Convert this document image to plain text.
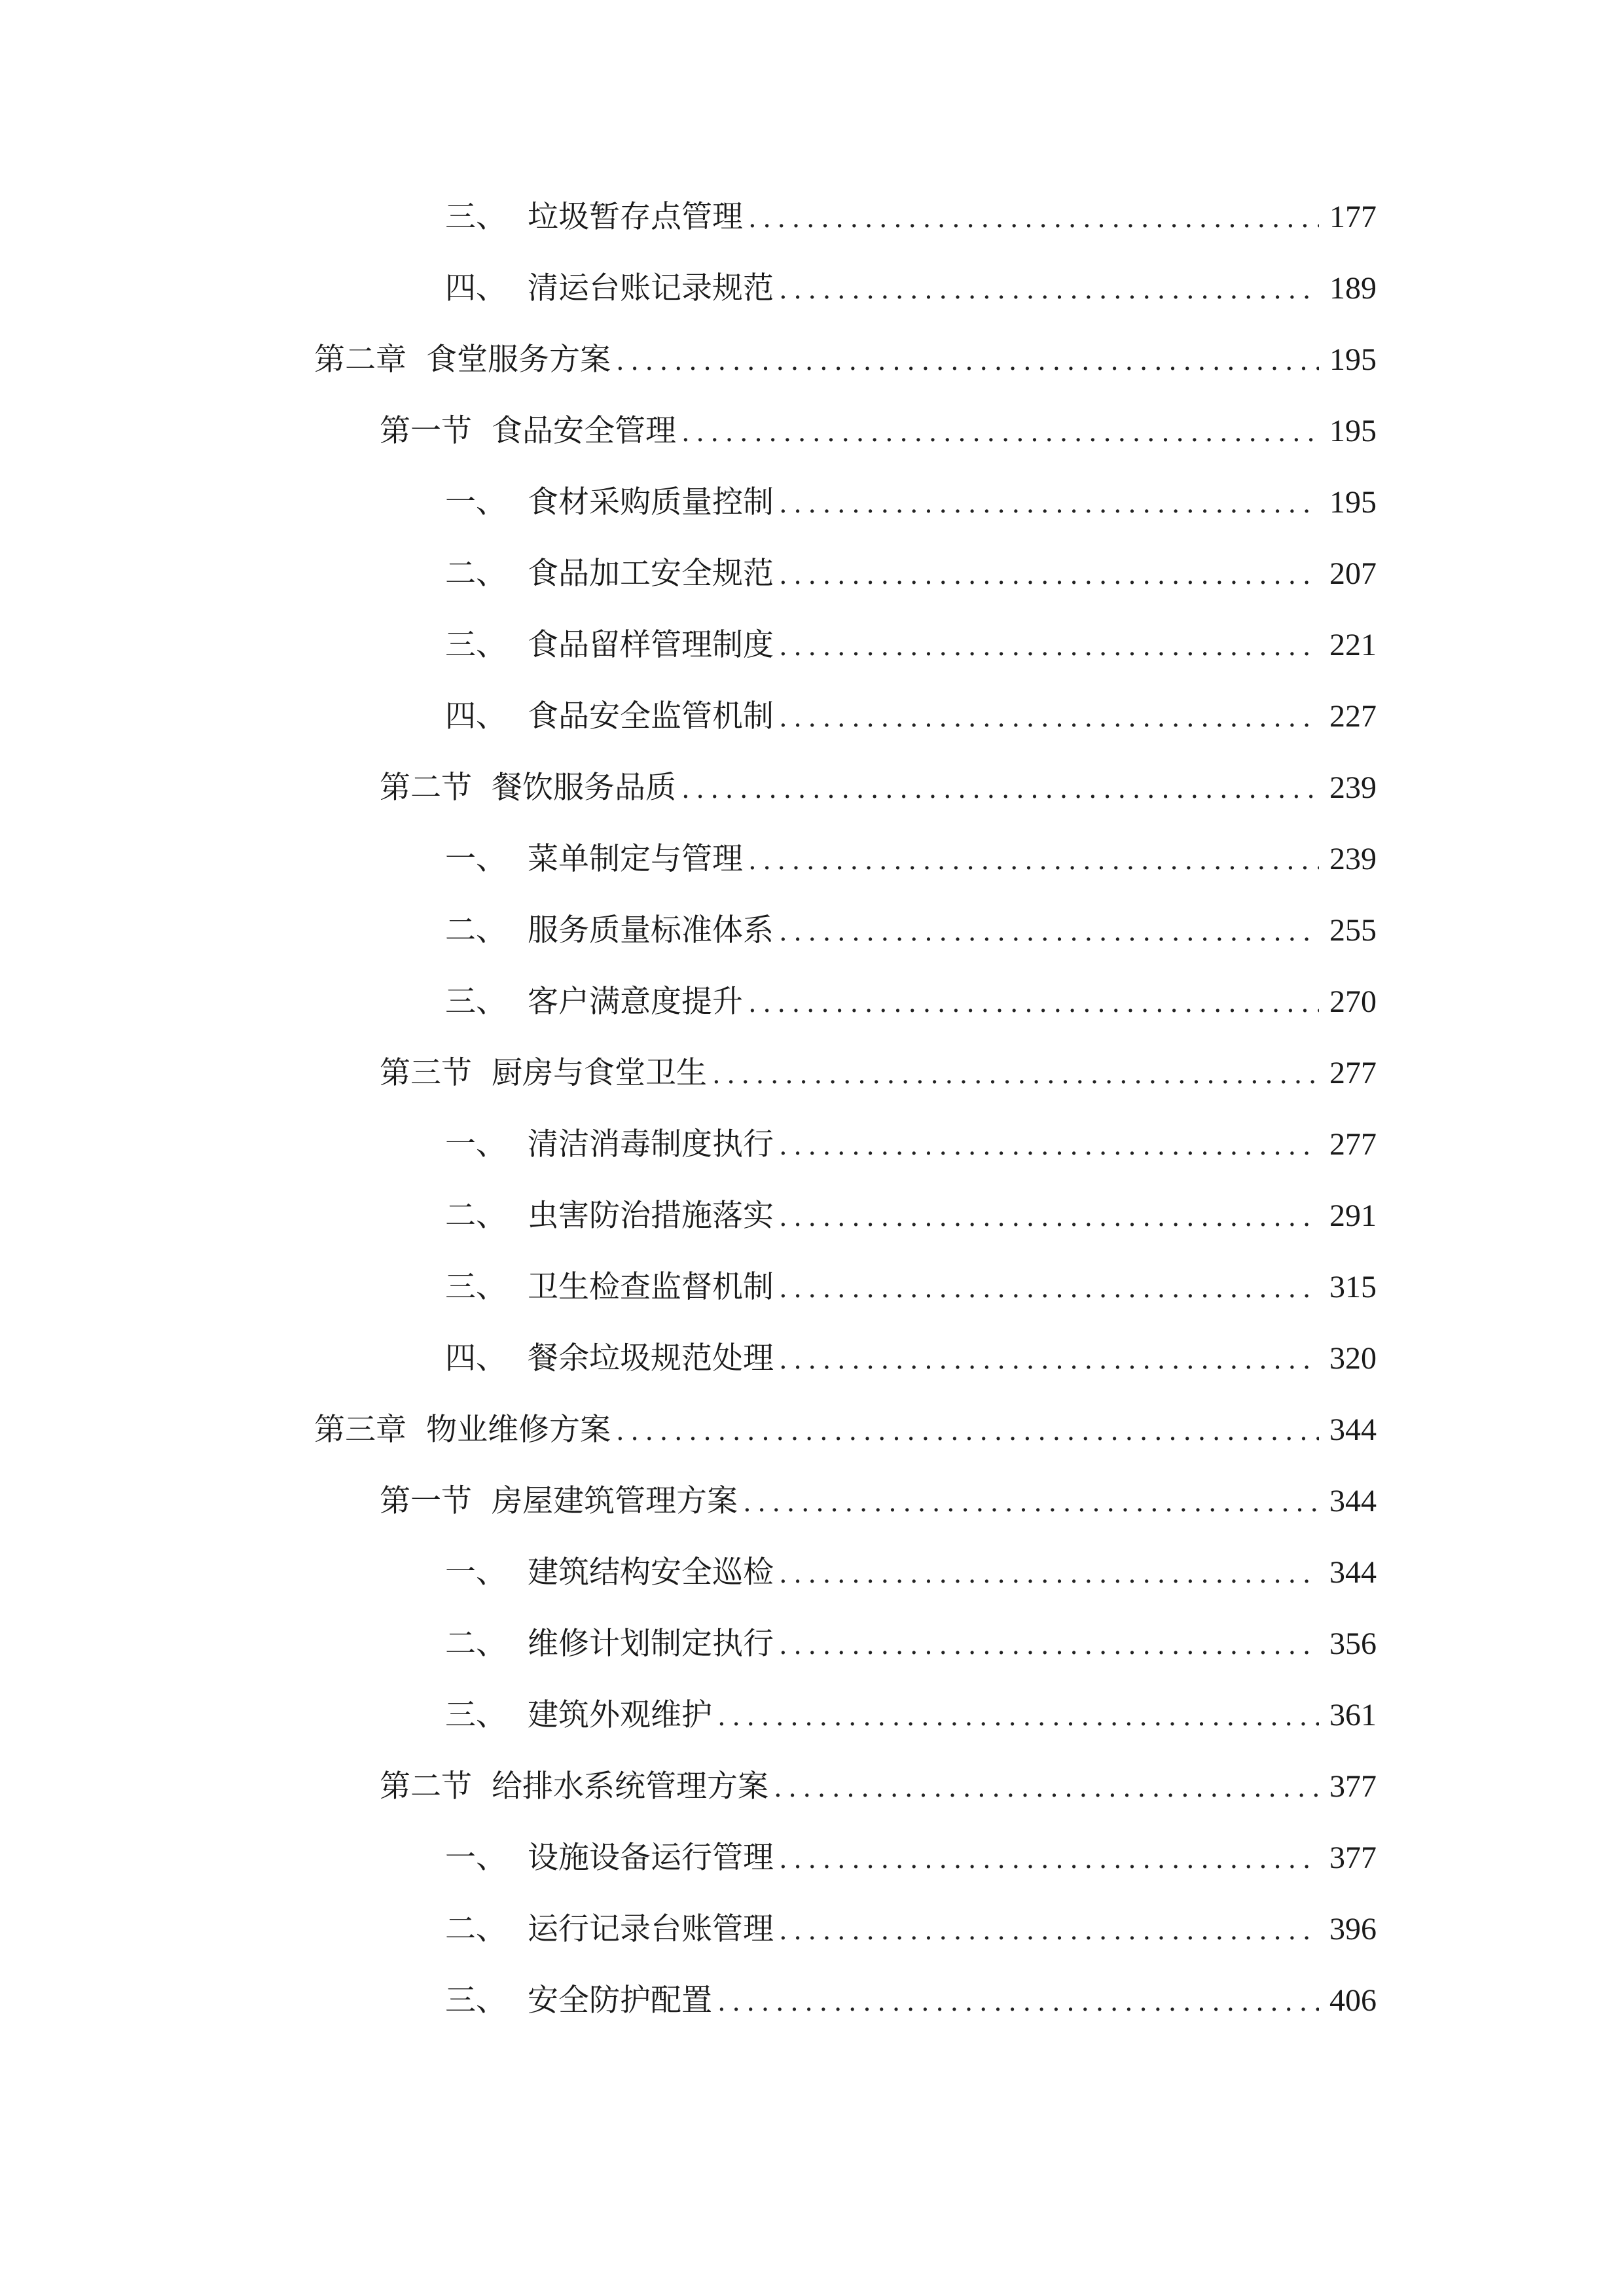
三、 垃圾暂存点管理 .....	177
四、 清运台账记录规范 .....	189
第二章 食堂服务方案 .....	195
第一节 食品安全管理 .....	195
一、 食材采购质量控制 .....	195
二、 食品加工安全规范 .....	207
三、 食品留样管理制度 .....	221
四、 食品安全监管机制 .....	227
第二节 餐饮服务品质 .....	239
一、 菜单制定与管理 .....	239
二、 服务质量标准体系 .....	255
三、 客户满意度提升 .....	270
第三节 厨房与食堂卫生 .....	277
一、 清洁消毒制度执行 .....	277
二、 虫害防治措施落实 .....	291
三、 卫生检查监督机制 .....	315
四、 餐余垃圾规范处理 .....	320
第三章 物业维修方案 .....	344
第一节 房屋建筑管理方案 .....	344
一、 建筑结构安全巡检 .....	344
二、 维修计划制定执行 .....	356
三、 建筑外观维护 .....	361
第二节 给排水系统管理方案 .....	377
一、 设施设备运行管理 .....	377
二、 运行记录台账管理 .....	396
三、 安全防护配置 .....	406
